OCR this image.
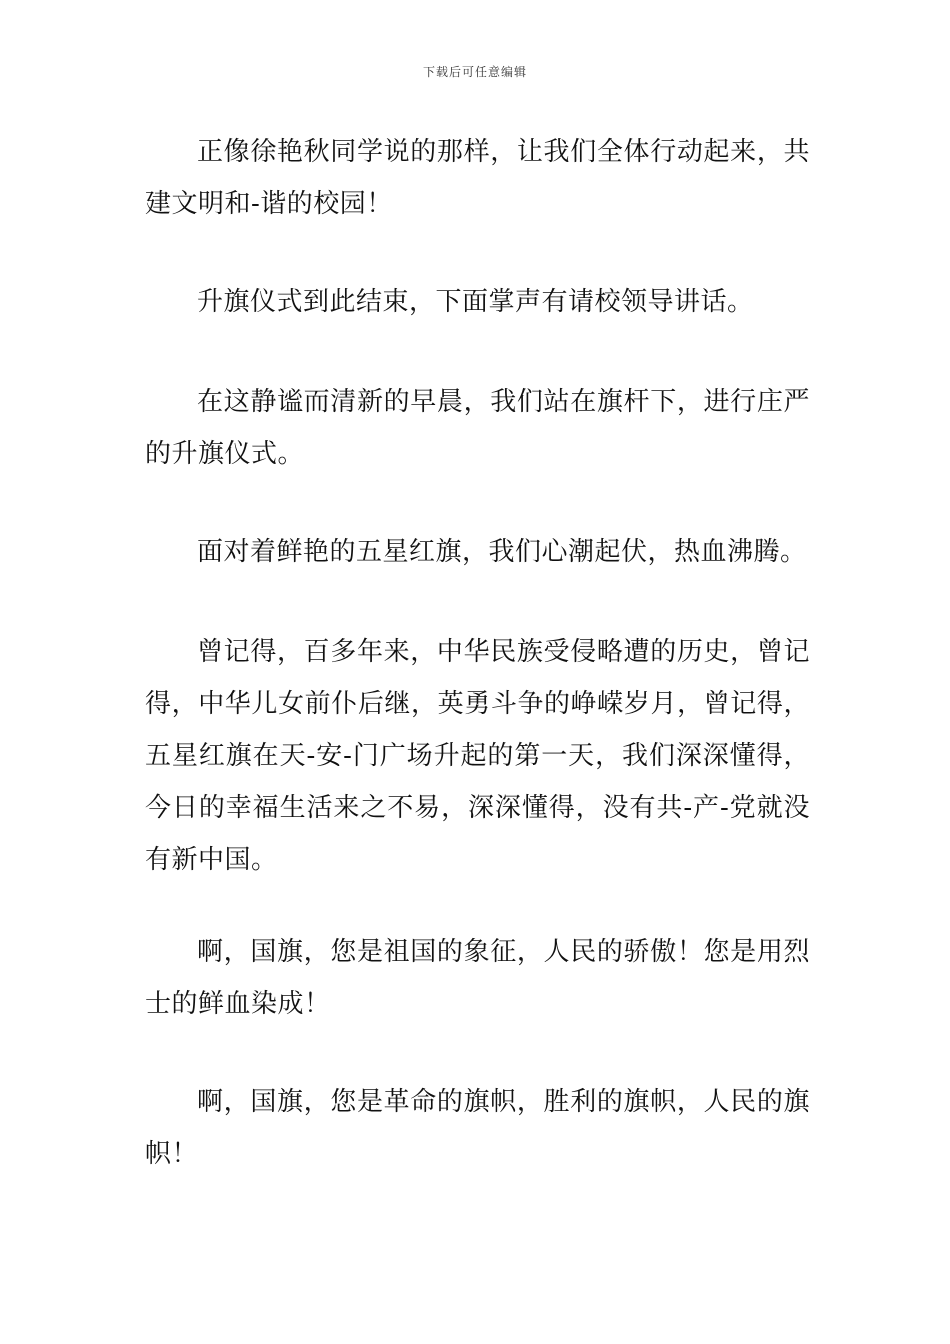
下载后可任意编辑

正像徐艳秋同学说的那样，让我们全体行动起来，共建文明和-谐的校园！

升旗仪式到此结束，下面掌声有请校领导讲话。

在这静谧而清新的早晨，我们站在旗杆下，进行庄严的升旗仪式。

面对着鲜艳的五星红旗，我们心潮起伏，热血沸腾。

曾记得，百多年来，中华民族受侵略遭的历史，曾记得，中华儿女前仆后继，英勇斗争的峥嵘岁月，曾记得，五星红旗在天-安-门广场升起的第一天，我们深深懂得，今日的幸福生活来之不易，深深懂得，没有共-产-党就没有新中国。

啊，国旗，您是祖国的象征，人民的骄傲！您是用烈士的鲜血染成！

啊，国旗，您是革命的旗帜，胜利的旗帜，人民的旗帜！
